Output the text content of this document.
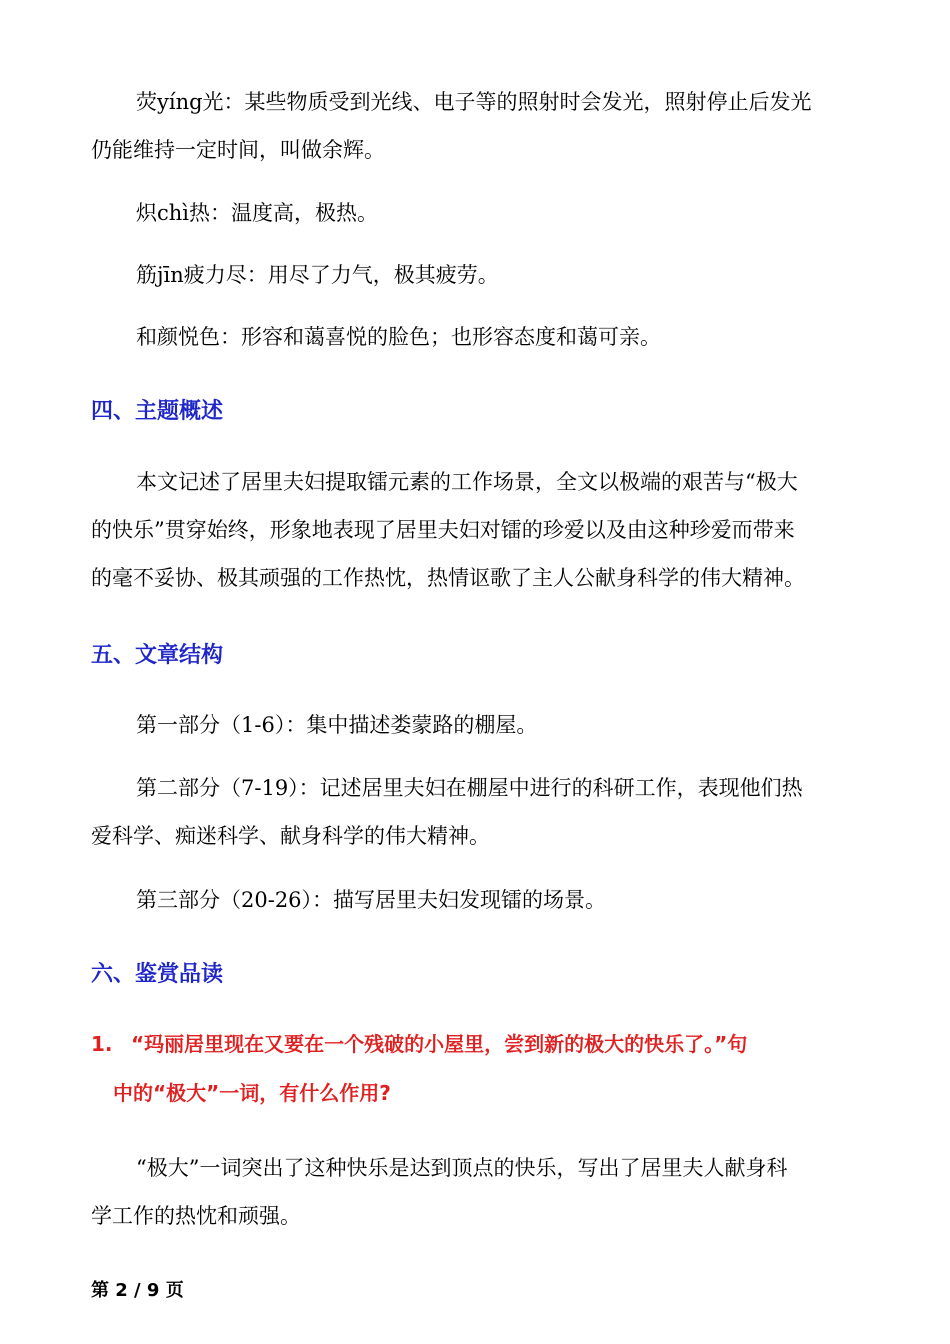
荧yíng光：某些物质受到光线、电子等的照射时会发光，照射停止后发光
仍能维持一定时间，叫做余辉。

炽chì热：温度高，极热。

筋jīn疲力尽：用尽了力气，极其疲劳。

和颜悦色：形容和蔼喜悦的脸色；也形容态度和蔼可亲。

四、主题概述

本文记述了居里夫妇提取镭元素的工作场景，全文以极端的艰苦与“极大
的快乐”贯穿始终，形象地表现了居里夫妇对镭的珍爱以及由这种珍爱而带来
的毫不妥协、极其顽强的工作热忱，热情讴歌了主人公献身科学的伟大精神。

五、文章结构

第一部分（1-6）：集中描述娄蒙路的棚屋。

第二部分（7-19）：记述居里夫妇在棚屋中进行的科研工作，表现他们热
爱科学、痴迷科学、献身科学的伟大精神。

第三部分（20-26）：描写居里夫妇发现镭的场景。

六、鉴赏品读

1. “玛丽居里现在又要在一个残破的小屋里，尝到新的极大的快乐了。”句
中的“极大”一词，有什么作用?

“极大”一词突出了这种快乐是达到顶点的快乐，写出了居里夫人献身科
学工作的热忱和顽强。

第 2 / 9 页
